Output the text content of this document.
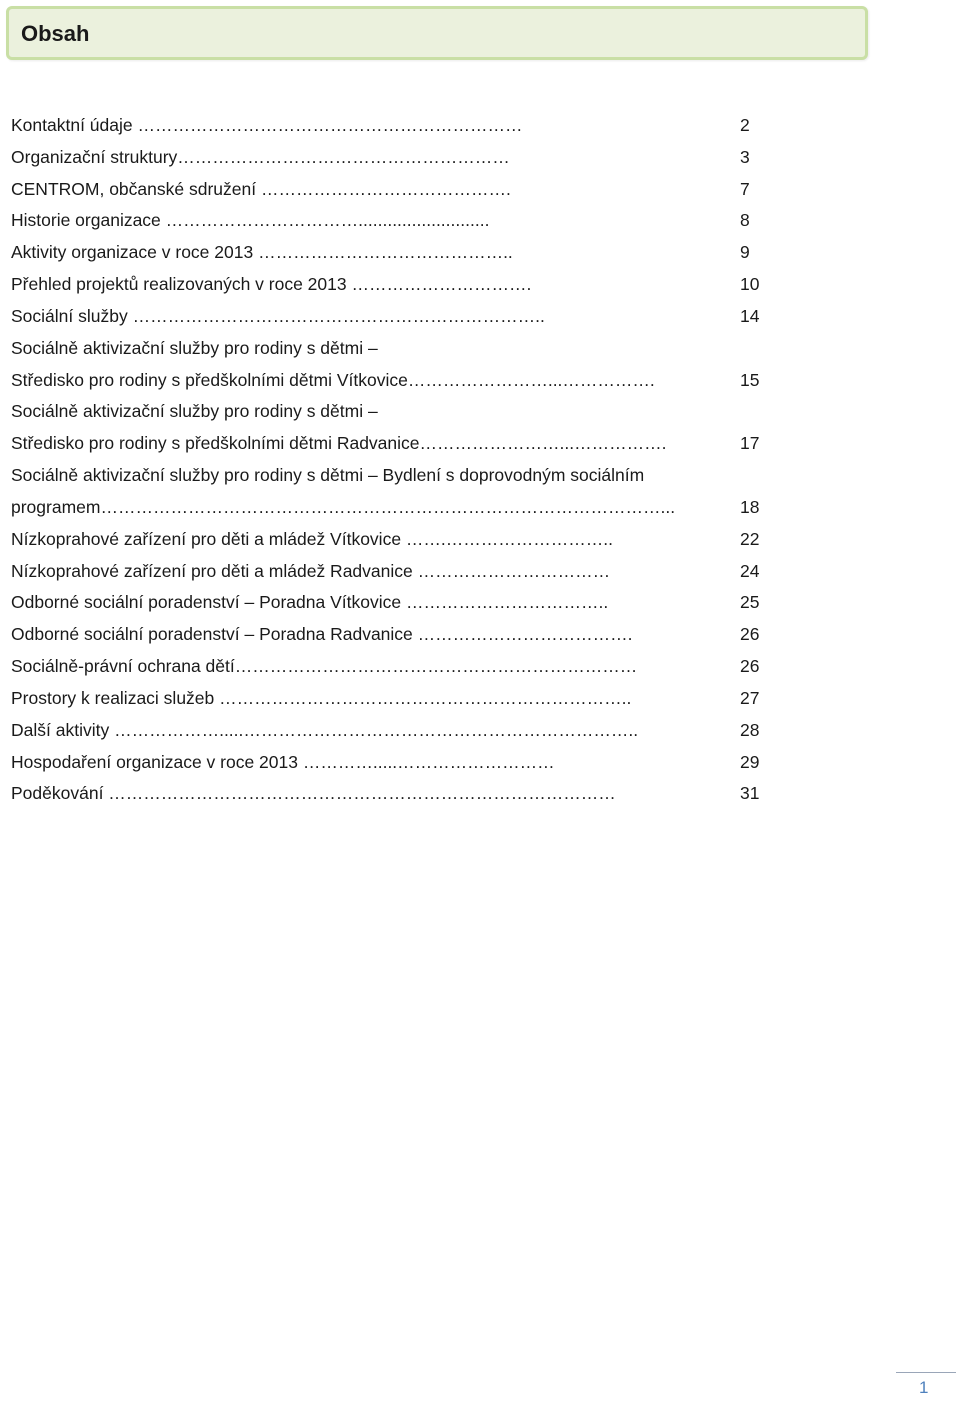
Obsah
Kontaktní údaje …………………………………………………………	2
Organizační struktury…………………………………………………	3
CENTROM, občanské sdružení …………………………………….	7
Historie organizace ……………………………...........................	8
Aktivity organizace v roce 2013 ……………………………………..	9
Přehled projektů realizovaných v roce 2013 ………………………….	10
Sociální služby ……………………………………………………………..	14
Sociálně aktivizační služby pro rodiny s dětmi –
Středisko pro rodiny s předškolními dětmi Vítkovice……………………...…………….	15
Sociálně aktivizační služby pro rodiny s dětmi –
Středisko pro rodiny s předškolními dětmi Radvanice……………………...…………….	17
Sociálně aktivizační služby pro rodiny s dětmi – Bydlení s doprovodným sociálním
programem……………………………………………………………………………………...	18
Nízkoprahové zařízení pro děti a mládež Vítkovice …….………………………..	22
Nízkoprahové zařízení pro děti a mládež Radvanice ……………………………	24
Odborné sociální poradenství – Poradna Vítkovice ……………………………..	25
Odborné sociální poradenství – Poradna Radvanice ……………………………….	26
Sociálně-právní ochrana dětí……………………………………………………………	26
Prostory k realizaci služeb ……………………………………………………………..	27
Další aktivity ……………….....…………………………………………………………..	28
Hospodaření organizace v roce 2013 ………….....………………………	29
Poděkování ……………………………………………………………………………	31
1
